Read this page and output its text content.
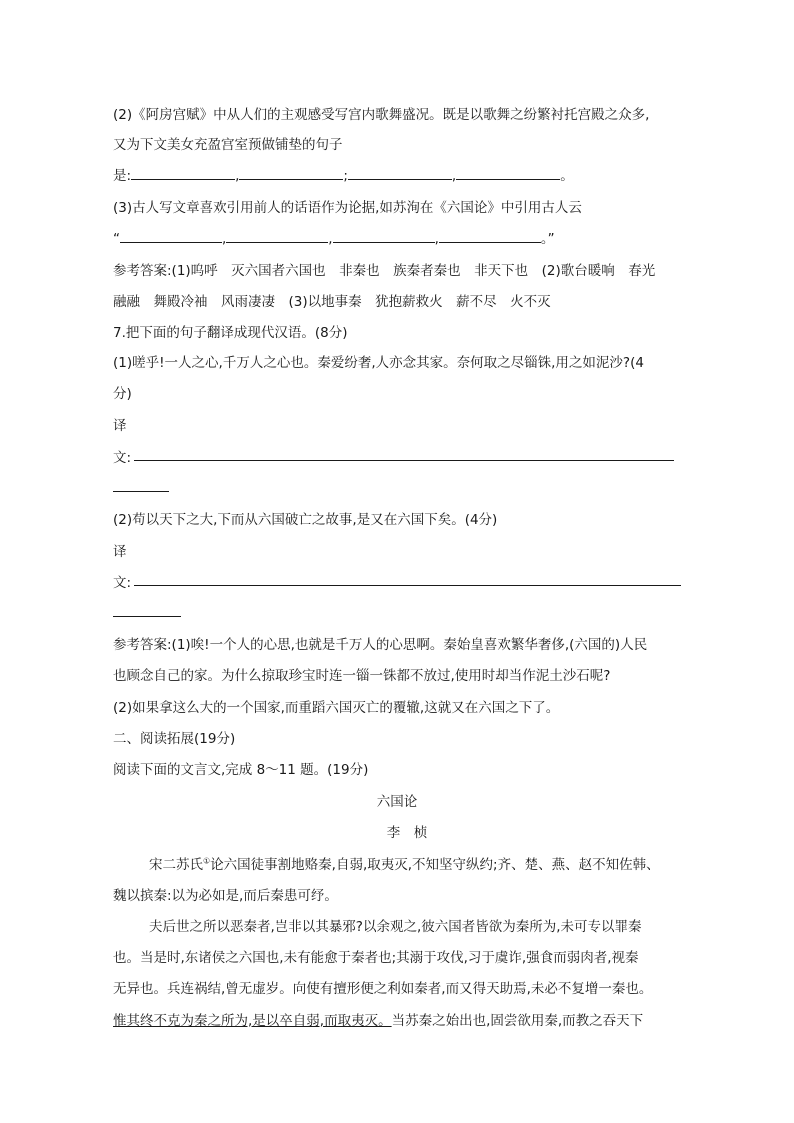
(2)《阿房宫赋》中从人们的主观感受写宫内歌舞盛况。既是以歌舞之纷繁衬托宫殿之众多,
又为下文美女充盈宫室预做铺垫的句子
是:	,	;	,	。
(3)古人写文章喜欢引用前人的话语作为论据,如苏洵在《六国论》中引用古人云
“	,	,	,	。”
参考答案:(1)呜呼　灭六国者六国也　非秦也　族秦者秦也　非天下也　(2)歌台暖响　春光
融融　舞殿冷袖　风雨凄凄　(3)以地事秦　犹抱薪救火　薪不尽　火不灭
7.把下面的句子翻译成现代汉语。(8分)
(1)嗟乎!一人之心,千万人之心也。秦爱纷奢,人亦念其家。奈何取之尽锱铢,用之如泥沙?(4
分)
译
文:
(2)苟以天下之大,下而从六国破亡之故事,是又在六国下矣。(4分)
译
文:
参考答案:(1)唉!一个人的心思,也就是千万人的心思啊。秦始皇喜欢繁华奢侈,(六国的)人民
也顾念自己的家。为什么掠取珍宝时连一锱一铢都不放过,使用时却当作泥土沙石呢?
(2)如果拿这么大的一个国家,而重蹈六国灭亡的覆辙,这就又在六国之下了。
二、阅读拓展(19分)
阅读下面的文言文,完成 8～11 题。(19分)
六国论
李　桢
宋二苏氏①论六国徒事割地赂秦,自弱,取夷灭,不知坚守纵约;齐、楚、燕、赵不知佐韩、
魏以摈秦:以为必如是,而后秦患可纾。
夫后世之所以恶秦者,岂非以其暴邪?以余观之,彼六国者皆欲为秦所为,未可专以罪秦
也。当是时,东诸侯之六国也,未有能愈于秦者也;其溺于攻伐,习于虞诈,强食而弱肉者,视秦
无异也。兵连祸结,曾无虚岁。向使有擅形便之利如秦者,而又得天助焉,未必不复增一秦也。
惟其终不克为秦之所为,是以卒自弱,而取夷灭。当苏秦之始出也,固尝欲用秦,而教之吞天下
